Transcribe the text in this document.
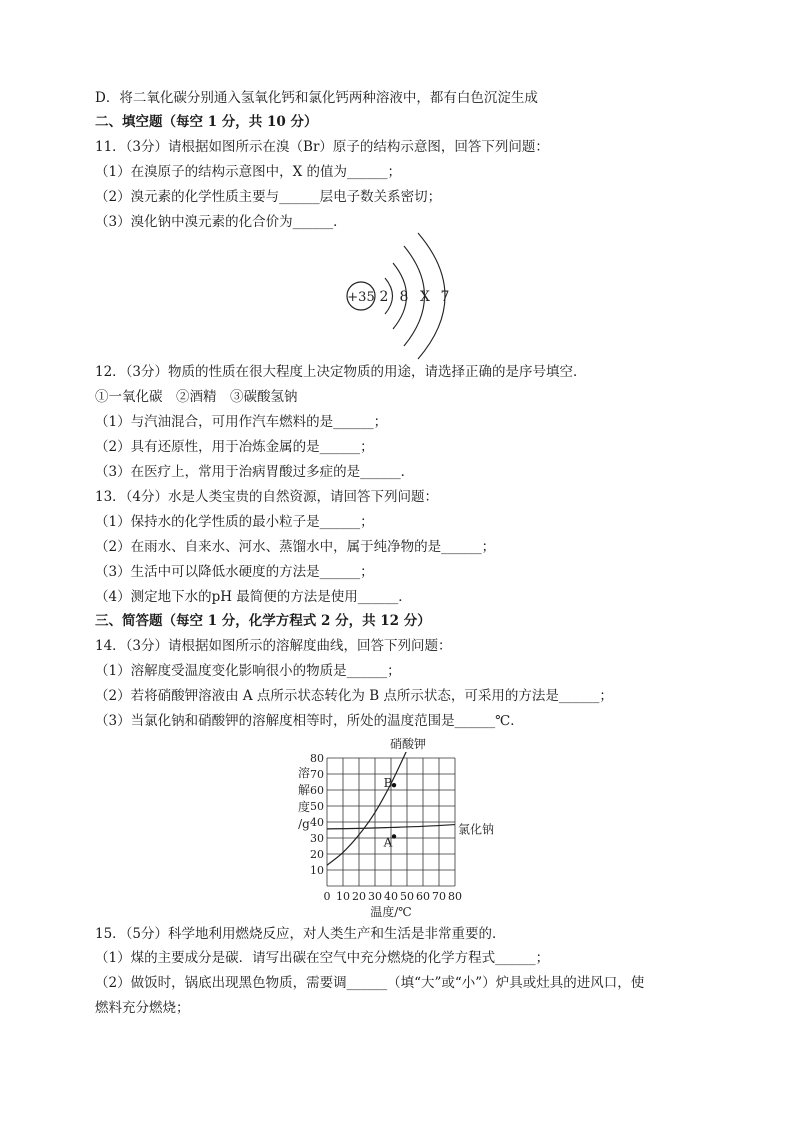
D．将二氧化碳分别通入氢氧化钙和氯化钙两种溶液中，都有白色沉淀生成
二、填空题（每空 1 分，共 10 分）
11．（3分）请根据如图所示在溴（Br）原子的结构示意图，回答下列问题：
（1）在溴原子的结构示意图中，X 的值为______；
（2）溴元素的化学性质主要与______层电子数关系密切；
（3）溴化钠中溴元素的化合价为______．
+35 2 8 X 7
12．（3分）物质的性质在很大程度上决定物质的用途，请选择正确的是序号填空．
①一氧化碳　②酒精　③碳酸氢钠
（1）与汽油混合，可用作汽车燃料的是______；
（2）具有还原性，用于冶炼金属的是______；
（3）在医疗上，常用于治病胃酸过多症的是______．
13．（4分）水是人类宝贵的自然资源，请回答下列问题：
（1）保持水的化学性质的最小粒子是______；
（2）在雨水、自来水、河水、蒸馏水中，属于纯净物的是______；
（3）生活中可以降低水硬度的方法是______；
（4）测定地下水的pH 最简便的方法是使用______．
三、简答题（每空 1 分，化学方程式 2 分，共 12 分）
14．（3分）请根据如图所示的溶解度曲线，回答下列问题：
（1）溶解度受温度变化影响很小的物质是______；
（2）若将硝酸钾溶液由 A 点所示状态转化为 B 点所示状态，可采用的方法是______；
（3）当氯化钠和硝酸钾的溶解度相等时，所处的温度范围是______℃．
0 10 20 30 40 50 60 70 80
10
20
30
40
50
60
70
80
溶
解
度
/g
温度/℃
硝酸钾
氯化钠
B
A
15．（5分）科学地利用燃烧反应，对人类生产和生活是非常重要的．
（1）煤的主要成分是碳．请写出碳在空气中充分燃烧的化学方程式______；
（2）做饭时，锅底出现黑色物质，需要调______（填“大”或“小”）炉具或灶具的进风口，使
燃料充分燃烧；
